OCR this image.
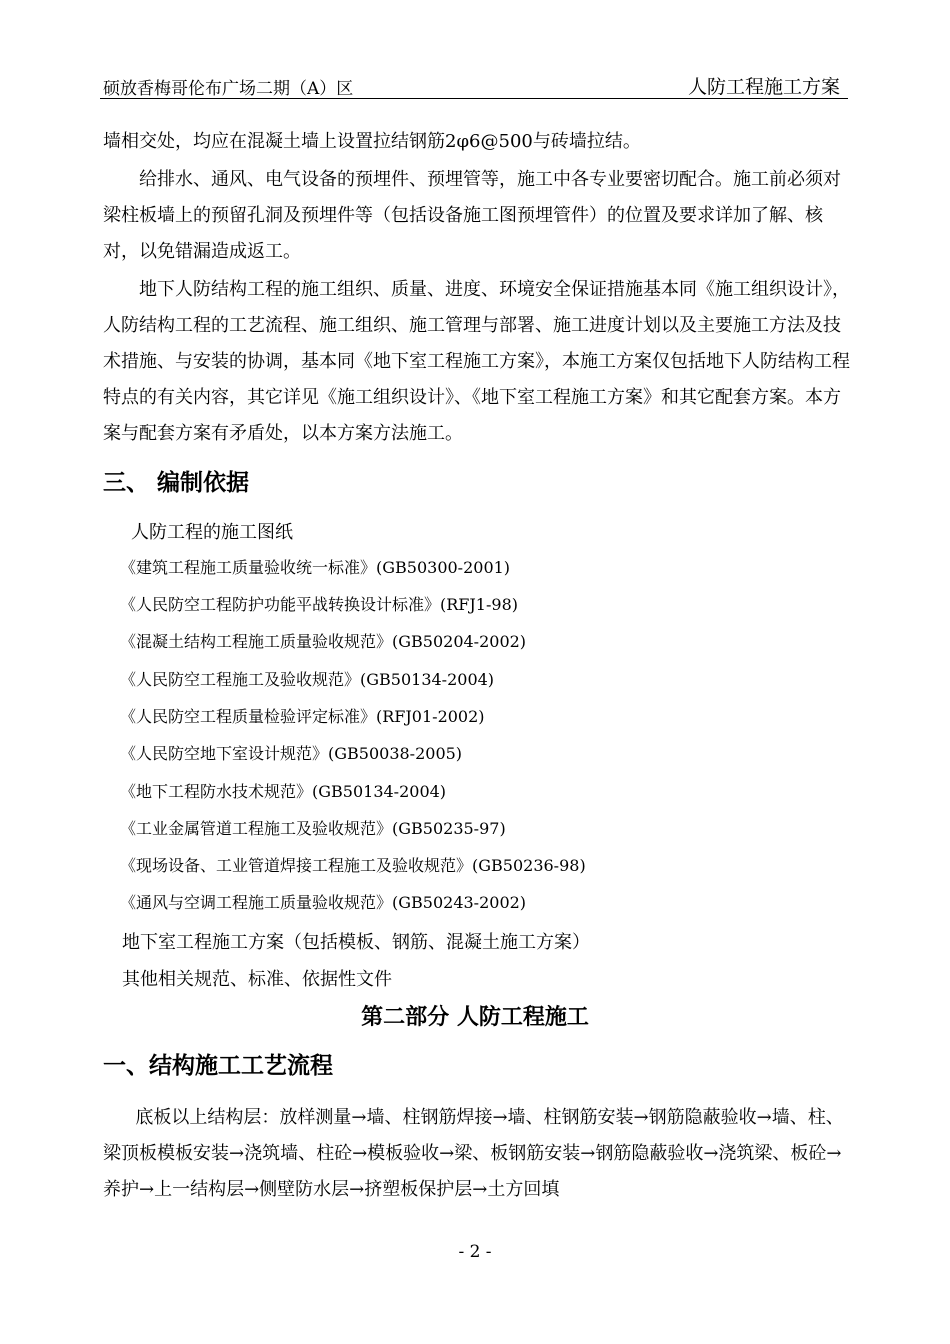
硕放香梅哥伦布广场二期（A）区	人防工程施工方案

墙相交处，均应在混凝土墙上设置拉结钢筋2φ6@500与砖墙拉结。

给排水、通风、电气设备的预埋件、预埋管等，施工中各专业要密切配合。施工前必须对梁柱板墙上的预留孔洞及预埋件等（包括设备施工图预埋管件）的位置及要求详加了解、核对，以免错漏造成返工。

地下人防结构工程的施工组织、质量、进度、环境安全保证措施基本同《施工组织设计》，人防结构工程的工艺流程、施工组织、施工管理与部署、施工进度计划以及主要施工方法及技术措施、与安装的协调，基本同《地下室工程施工方案》，本施工方案仅包括地下人防结构工程特点的有关内容，其它详见《施工组织设计》、《地下室工程施工方案》和其它配套方案。本方案与配套方案有矛盾处，以本方案方法施工。

三、 编制依据
人防工程的施工图纸
《建筑工程施工质量验收统一标准》(GB50300-2001)
《人民防空工程防护功能平战转换设计标准》(RFJ1-98)
《混凝土结构工程施工质量验收规范》(GB50204-2002)
《人民防空工程施工及验收规范》(GB50134-2004)
《人民防空工程质量检验评定标准》(RFJ01-2002)
《人民防空地下室设计规范》(GB50038-2005)
《地下工程防水技术规范》(GB50134-2004)
《工业金属管道工程施工及验收规范》(GB50235-97)
《现场设备、工业管道焊接工程施工及验收规范》(GB50236-98)
《通风与空调工程施工质量验收规范》(GB50243-2002)
地下室工程施工方案（包括模板、钢筋、混凝土施工方案）
其他相关规范、标准、依据性文件
第二部分 人防工程施工
一、结构施工工艺流程

底板以上结构层：放样测量→墙、柱钢筋焊接→墙、柱钢筋安装→钢筋隐蔽验收→墙、柱、梁顶板模板安装→浇筑墙、柱砼→模板验收→梁、板钢筋安装→钢筋隐蔽验收→浇筑梁、板砼→养护→上一结构层→侧壁防水层→挤塑板保护层→土方回填

- 2 -
